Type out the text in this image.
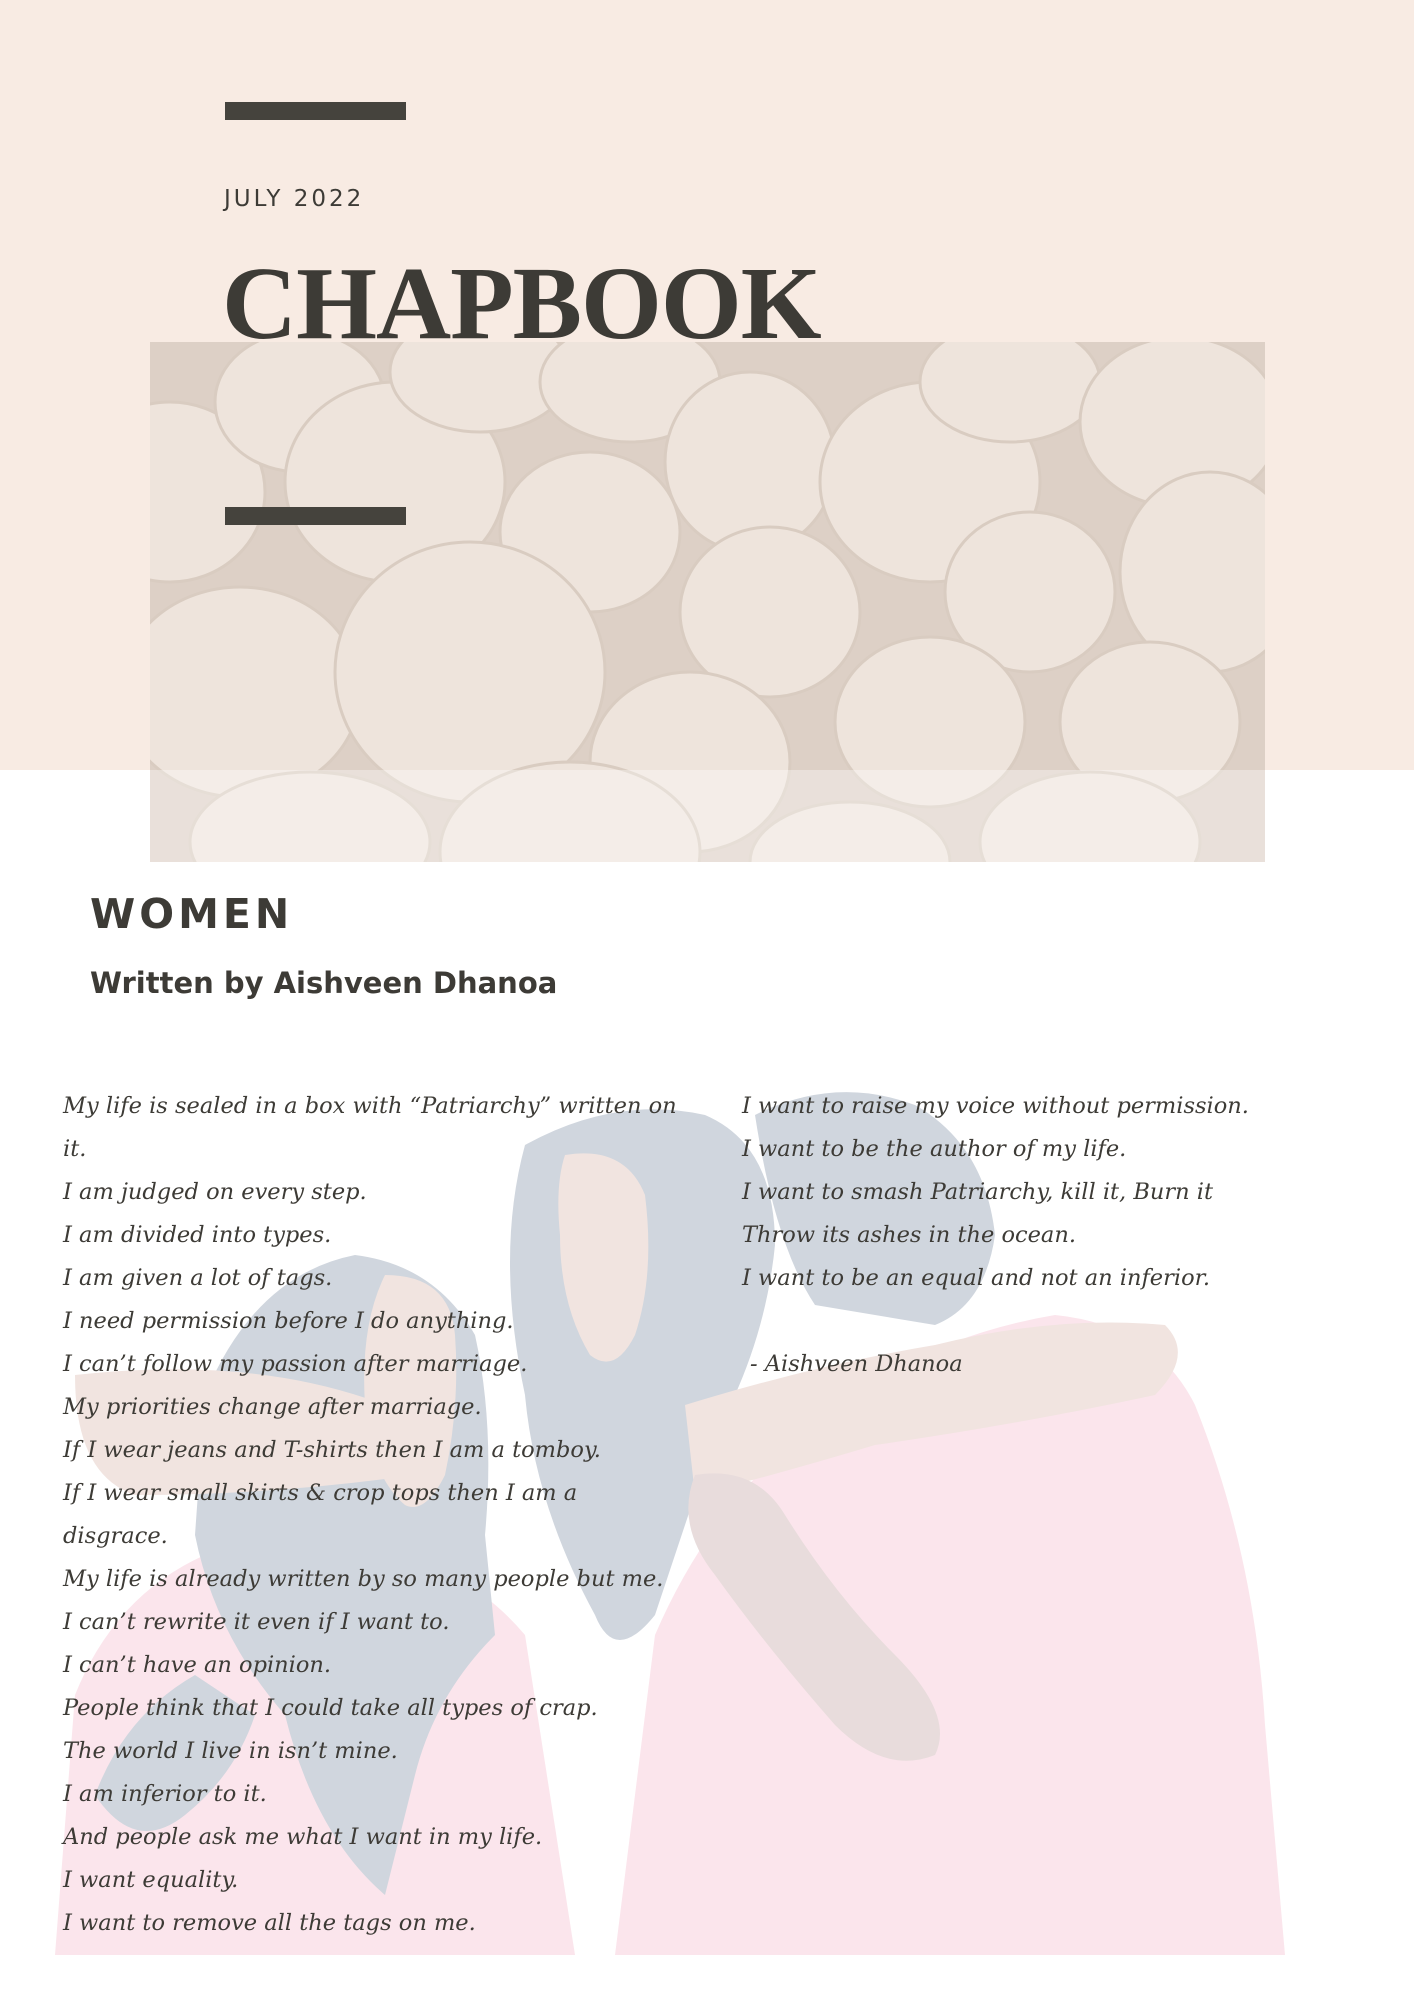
JULY 2022
CHAPBOOK
WOMEN
Written by Aishveen Dhanoa
My life is sealed in a box with “Patriarchy” written on it.
I am judged on every step.
I am divided into types.
I am given a lot of tags.
I need permission before I do anything.
I can’t follow my passion after marriage.
My priorities change after marriage.
If I wear jeans and T-shirts then I am a tomboy.
If I wear small skirts & crop tops then I am a disgrace.
My life is already written by so many people but me.
I can’t rewrite it even if I want to.
I can’t have an opinion.
People think that I could take all types of crap.
The world I live in isn’t mine.
I am inferior to it.
And people ask me what I want in my life.
I want equality.
I want to remove all the tags on me.
I want to raise my voice without permission.
I want to be the author of my life.
I want to smash Patriarchy, kill it, Burn it
Throw its ashes in the ocean.
I want to be an equal and not an inferior.
- Aishveen Dhanoa
